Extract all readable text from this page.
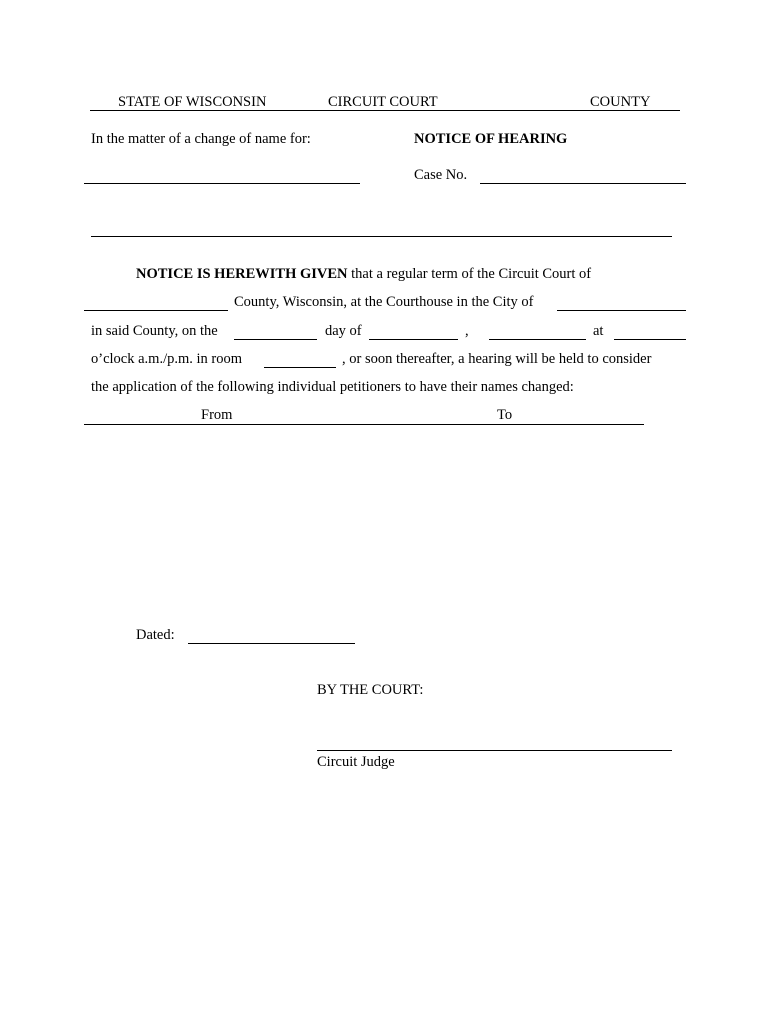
STATE OF WISCONSIN	CIRCUIT COURT	COUNTY
In the matter of a change of name for:	NOTICE OF HEARING
Case No.
NOTICE IS HEREWITH GIVEN that a regular term of the Circuit Court of
County, Wisconsin, at the Courthouse in the City of
in said County, on the	day of	,	at
o’clock a.m./p.m. in room	, or soon thereafter, a hearing will be held to consider
the application of the following individual petitioners to have their names changed:
From	To
Dated:
BY THE COURT:
Circuit Judge
